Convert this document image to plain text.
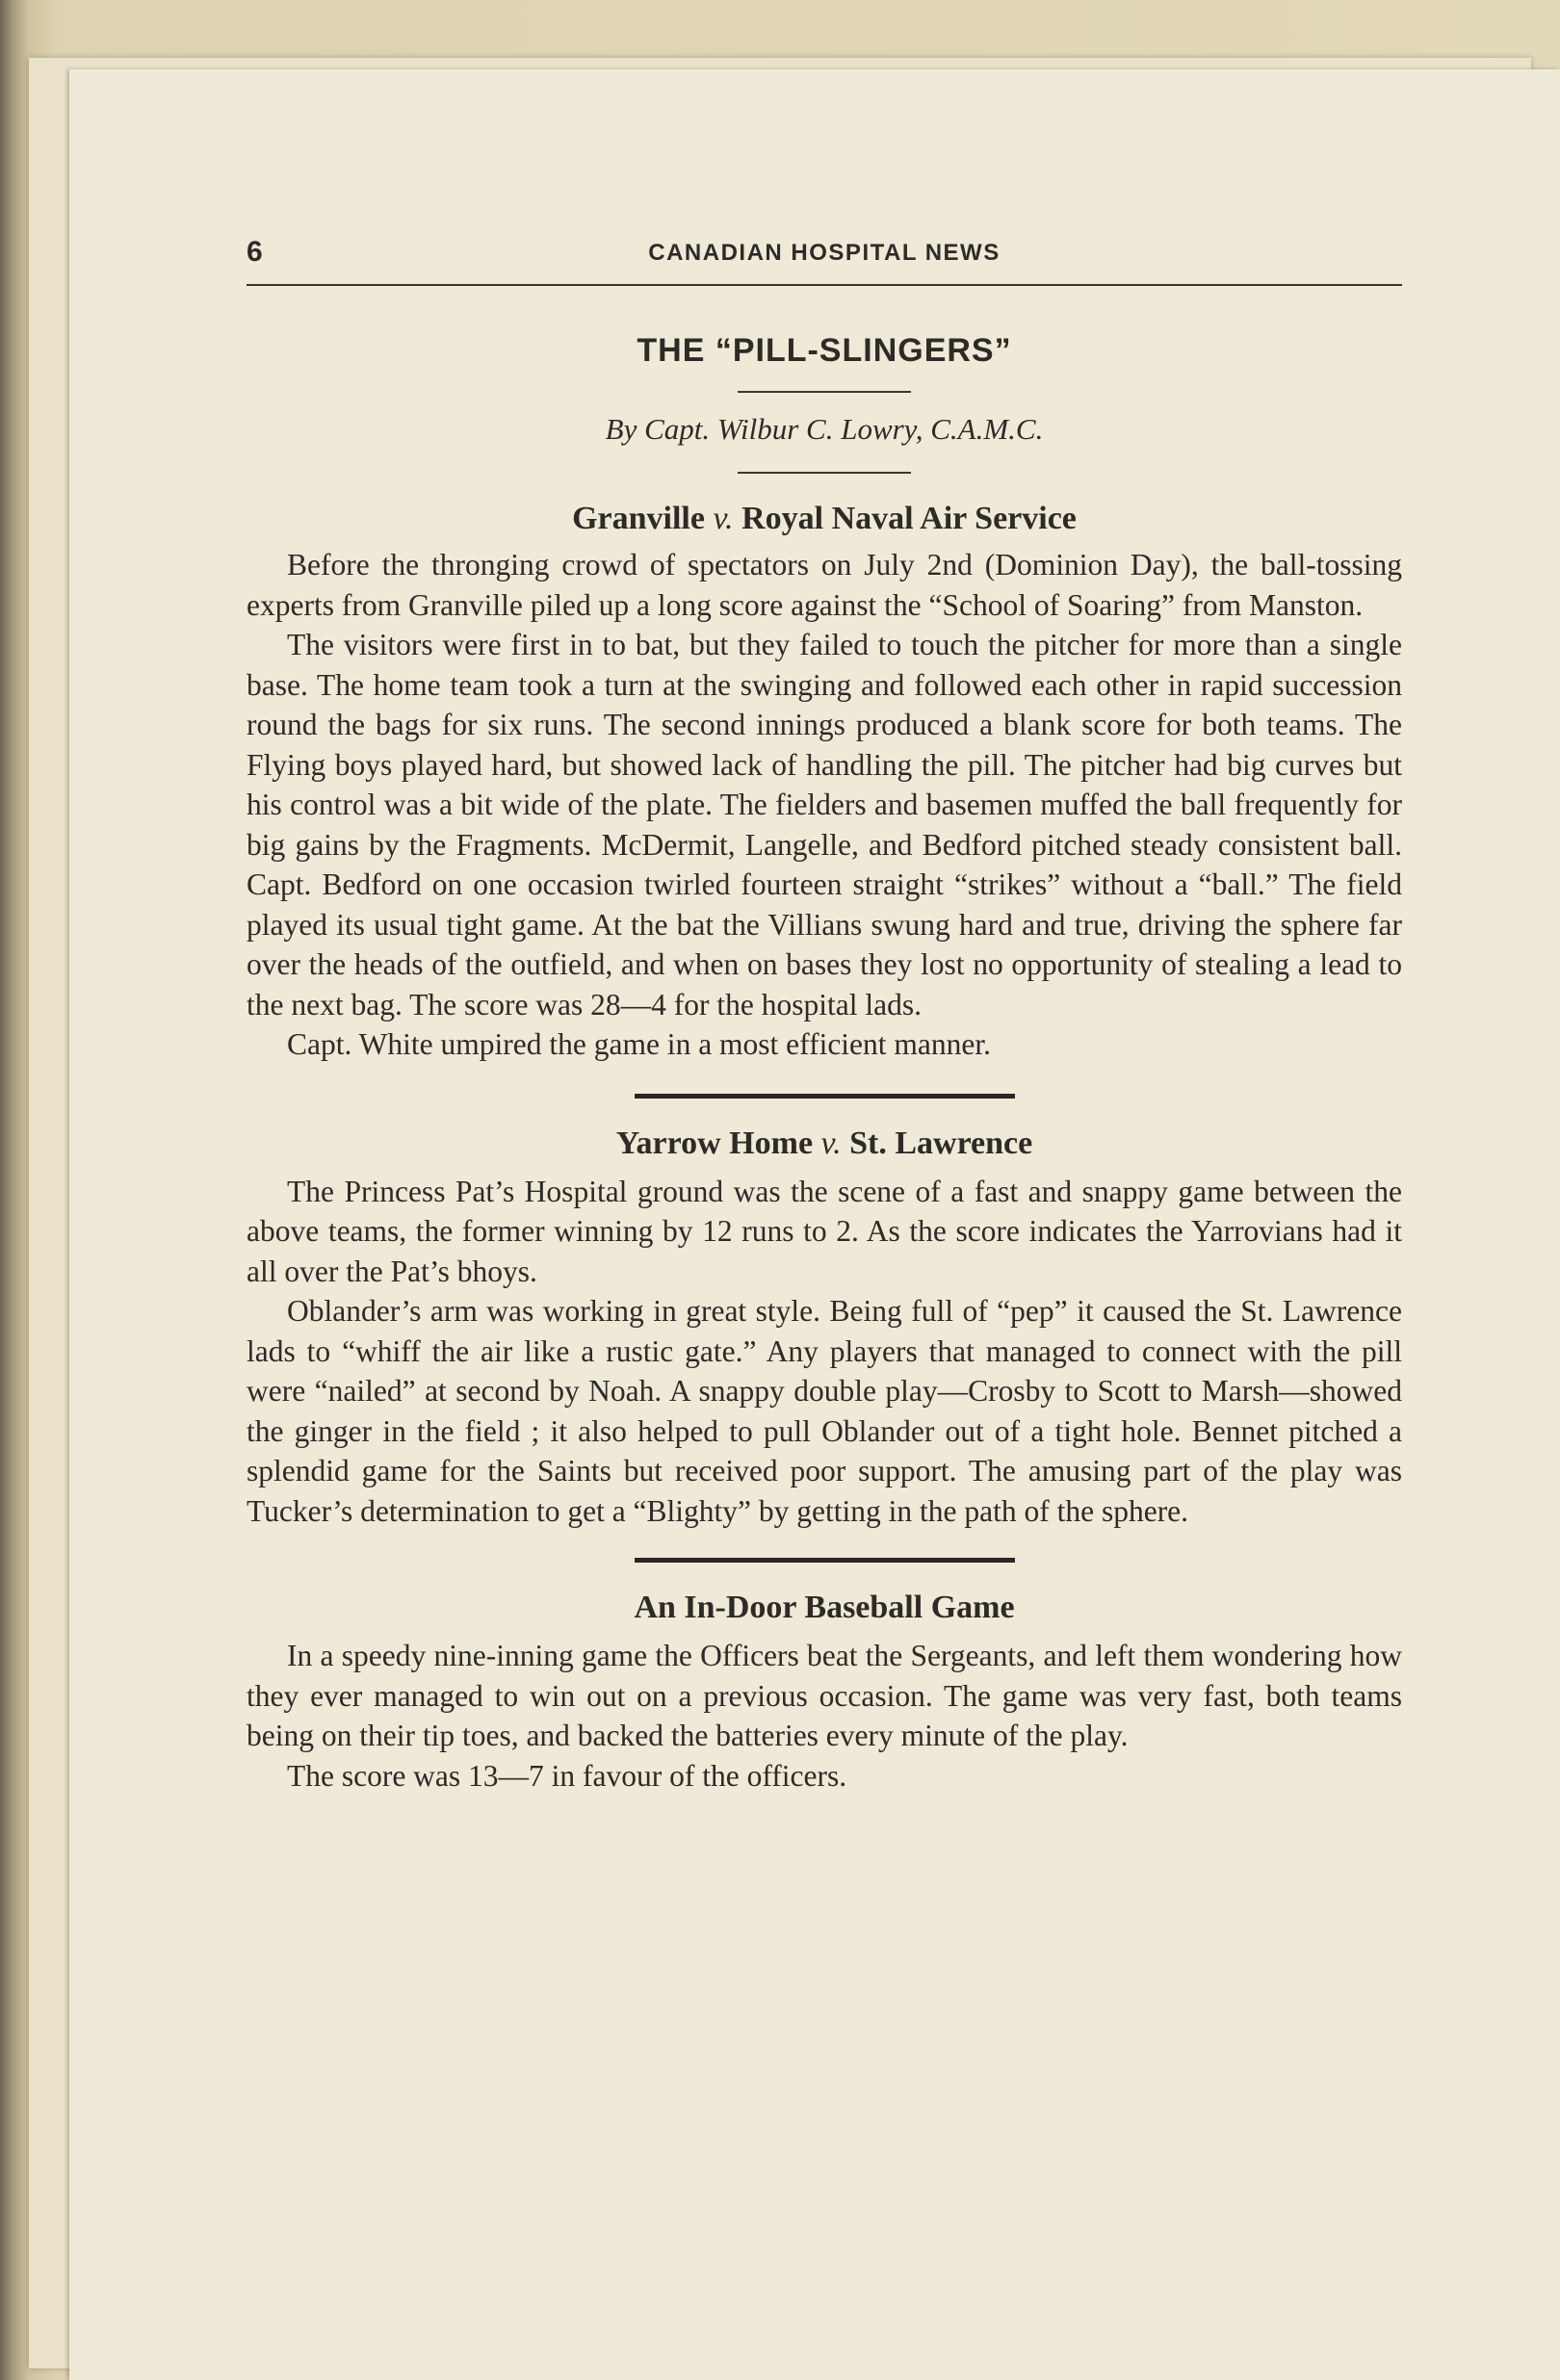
6	CANADIAN HOSPITAL NEWS
THE “PILL-SLINGERS”
By Capt. Wilbur C. Lowry, C.A.M.C.
Granville v. Royal Naval Air Service

Before the thronging crowd of spectators on July 2nd (Dominion Day), the ball-tossing experts from Granville piled up a long score against the “School of Soaring” from Manston.

The visitors were first in to bat, but they failed to touch the pitcher for more than a single base. The home team took a turn at the swinging and followed each other in rapid succession round the bags for six runs. The second innings produced a blank score for both teams. The Flying boys played hard, but showed lack of handling the pill. The pitcher had big curves but his control was a bit wide of the plate. The fielders and basemen muffed the ball frequently for big gains by the Fragments. McDermit, Langelle, and Bedford pitched steady consistent ball. Capt. Bedford on one occasion twirled fourteen straight “strikes” without a “ball.” The field played its usual tight game. At the bat the Villians swung hard and true, driving the sphere far over the heads of the outfield, and when on bases they lost no opportunity of stealing a lead to the next bag. The score was 28—4 for the hospital lads.

Capt. White umpired the game in a most efficient manner.

Yarrow Home v. St. Lawrence

The Princess Pat’s Hospital ground was the scene of a fast and snappy game between the above teams, the former winning by 12 runs to 2. As the score indicates the Yarrovians had it all over the Pat’s bhoys.

Oblander’s arm was working in great style. Being full of “pep” it caused the St. Lawrence lads to “whiff the air like a rustic gate.” Any players that managed to connect with the pill were “nailed” at second by Noah. A snappy double play—Crosby to Scott to Marsh—showed the ginger in the field ; it also helped to pull Oblander out of a tight hole. Bennet pitched a splendid game for the Saints but received poor support. The amusing part of the play was Tucker’s determination to get a “Blighty” by getting in the path of the sphere.

An In-Door Baseball Game

In a speedy nine-inning game the Officers beat the Sergeants, and left them wondering how they ever managed to win out on a previous occasion. The game was very fast, both teams being on their tip toes, and backed the batteries every minute of the play.

The score was 13—7 in favour of the officers.
